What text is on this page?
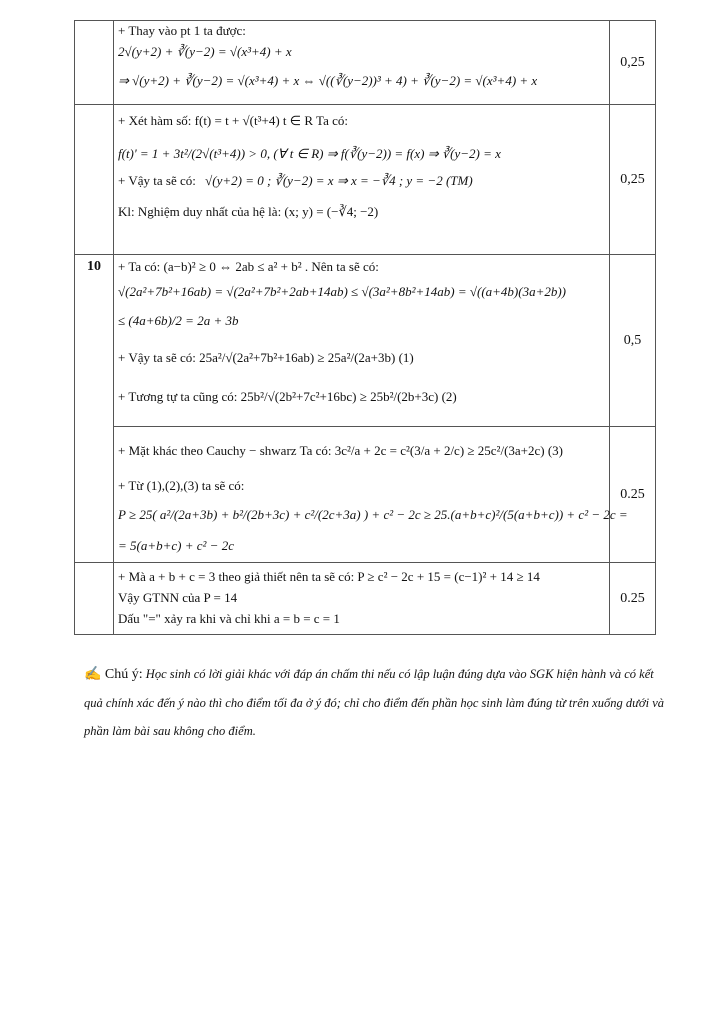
	+ Thay vào pt 1 ta được:

2√(y+2) + ∛(y−2) = √(x³+4) + x

⇒ √(y+2) + ∛(y−2) = √(x³+4) + x ⇔ √((∛(y−2))³ + 4) + ∛(y−2) = √(x³+4) + x	0,25

	+ Xét hàm số: f(t) = t + √(t³+4) t ∈ R Ta có:

f(t)' = 1 + 3t²/(2√(t³+4)) > 0, (∀ t ∈ R) ⇒ f(∛(y−2)) = f(x) ⇒ ∛(y−2) = x

+ Vậy ta sẽ có: √(y+2) = 0 ; ∛(y−2) = x ⇒ x = −∛4 ; y = −2 (TM)

Kl: Nghiệm duy nhất của hệ là: (x; y) = (−∛4; −2)	0,25
10	+ Ta có: (a−b)² ≥ 0 ⇔ 2ab ≤ a² + b² . Nên ta sẽ có:

√(2a²+7b²+16ab) = √(2a²+7b²+2ab+14ab) ≤ √(3a²+8b²+14ab) = √((a+4b)(3a+2b))

≤ (4a+6b)/2 = 2a + 3b

+ Vậy ta sẽ có: 25a²/√(2a²+7b²+16ab) ≥ 25a²/(2a+3b) (1)

+ Tương tự ta cũng có: 25b²/√(2b²+7c²+16bc) ≥ 25b²/(2b+3c) (2)	0,5

	+ Mặt khác theo Cauchy − shwarz Ta có: 3c²/a + 2c = c²(3/a + 2/c) ≥ 25c²/(3a+2c) (3)

+ Từ (1),(2),(3) ta sẽ có:

P ≥ 25( a²/(2a+3b) + b²/(2b+3c) + c²/(2c+3a) ) + c² − 2c ≥ 25.(a+b+c)²/(5(a+b+c)) + c² − 2c =

= 5(a+b+c) + c² − 2c	0.25

	+ Mà a + b + c = 3 theo giả thiết nên ta sẽ có: P ≥ c² − 2c + 15 = (c−1)² + 14 ≥ 14

Vậy GTNN của P = 14

Dấu "=" xảy ra khi và chỉ khi a = b = c = 1	0.25
✍ Chú ý: Học sinh có lời giải khác với đáp án chấm thi nếu có lập luận đúng dựa vào SGK hiện hành và có kết quả chính xác đến ý nào thì cho điểm tối đa ở ý đó; chỉ cho điểm đến phần học sinh làm đúng từ trên xuống dưới và phần làm bài sau không cho điểm.
